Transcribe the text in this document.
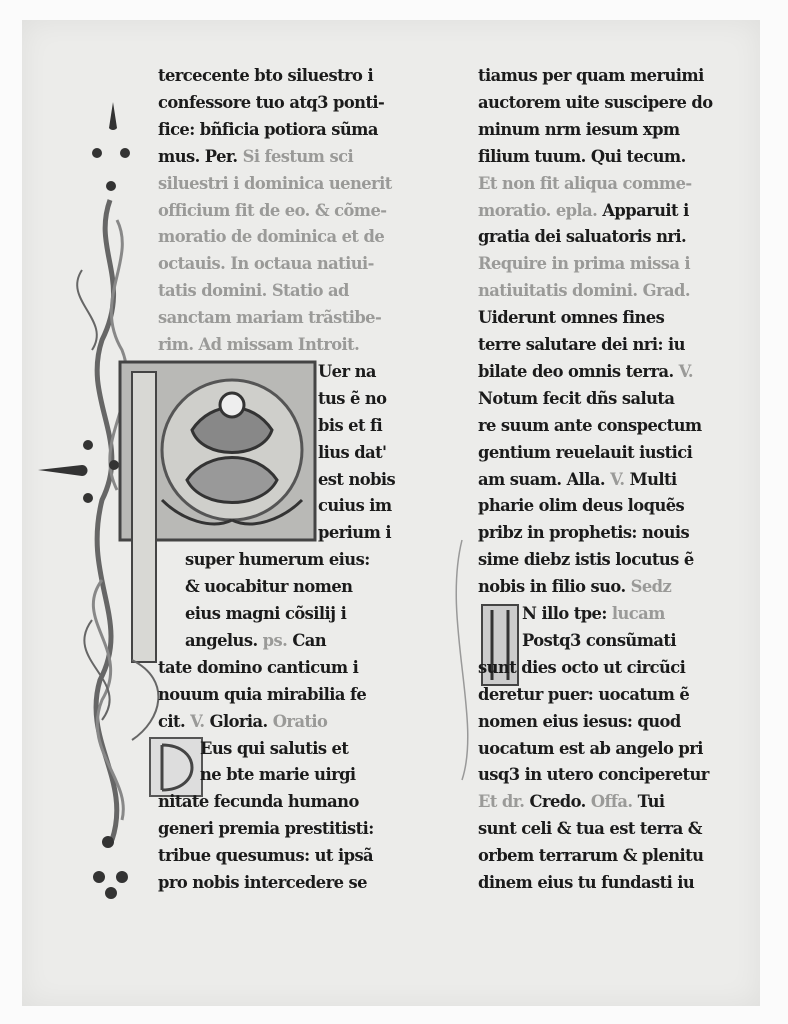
tercecente bto siluestro i
confessore tuo atq3 ponti-
fice: bñficia potiora sũma
mus. Per. Si festum sci
siluestri i dominica uenerit
officium fit de eo. & cõme-
moratio de dominica et de
octauis. In octaua natiui-
tatis domini. Statio ad
sanctam mariam trãstibe-
rim. Ad missam Introit.
Uer na
tus ẽ no
bis et fi
lius dat'
est nobis
cuius im
perium i
super humerum eius:
& uocabitur nomen
eius magni cõsilij i
angelus. ps. Can
tate domino canticum i
nouum quia mirabilia fe
cit. V. Gloria. Oratio
Eus qui salutis et
ne bte marie uirgi
nitate fecunda humano
generi premia prestitisti:
tribue quesumus: ut ipsã
pro nobis intercedere se
tiamus per quam meruimi
auctorem uite suscipere do
minum nrm iesum xpm
filium tuum. Qui tecum.
Et non fit aliqua comme-
moratio. epla. Apparuit i
gratia dei saluatoris nri.
Require in prima missa i
natiuitatis domini. Grad.
Uiderunt omnes fines
terre salutare dei nri: iu
bilate deo omnis terra. V.
Notum fecit dñs saluta
re suum ante conspectum
gentium reuelauit iustici
am suam. Alla. V. Multi
pharie olim deus loquẽs
pribz in prophetis: nouis
sime diebz istis locutus ẽ
nobis in filio suo. Sedz
N illo tpe: lucam
Postq3 consũmati
sunt dies octo ut circũci
deretur puer: uocatum ẽ
nomen eius iesus: quod
uocatum est ab angelo pri
usq3 in utero conciperetur
Et dr. Credo. Offa. Tui
sunt celi & tua est terra &
orbem terrarum & plenitu
dinem eius tu fundasti iu
